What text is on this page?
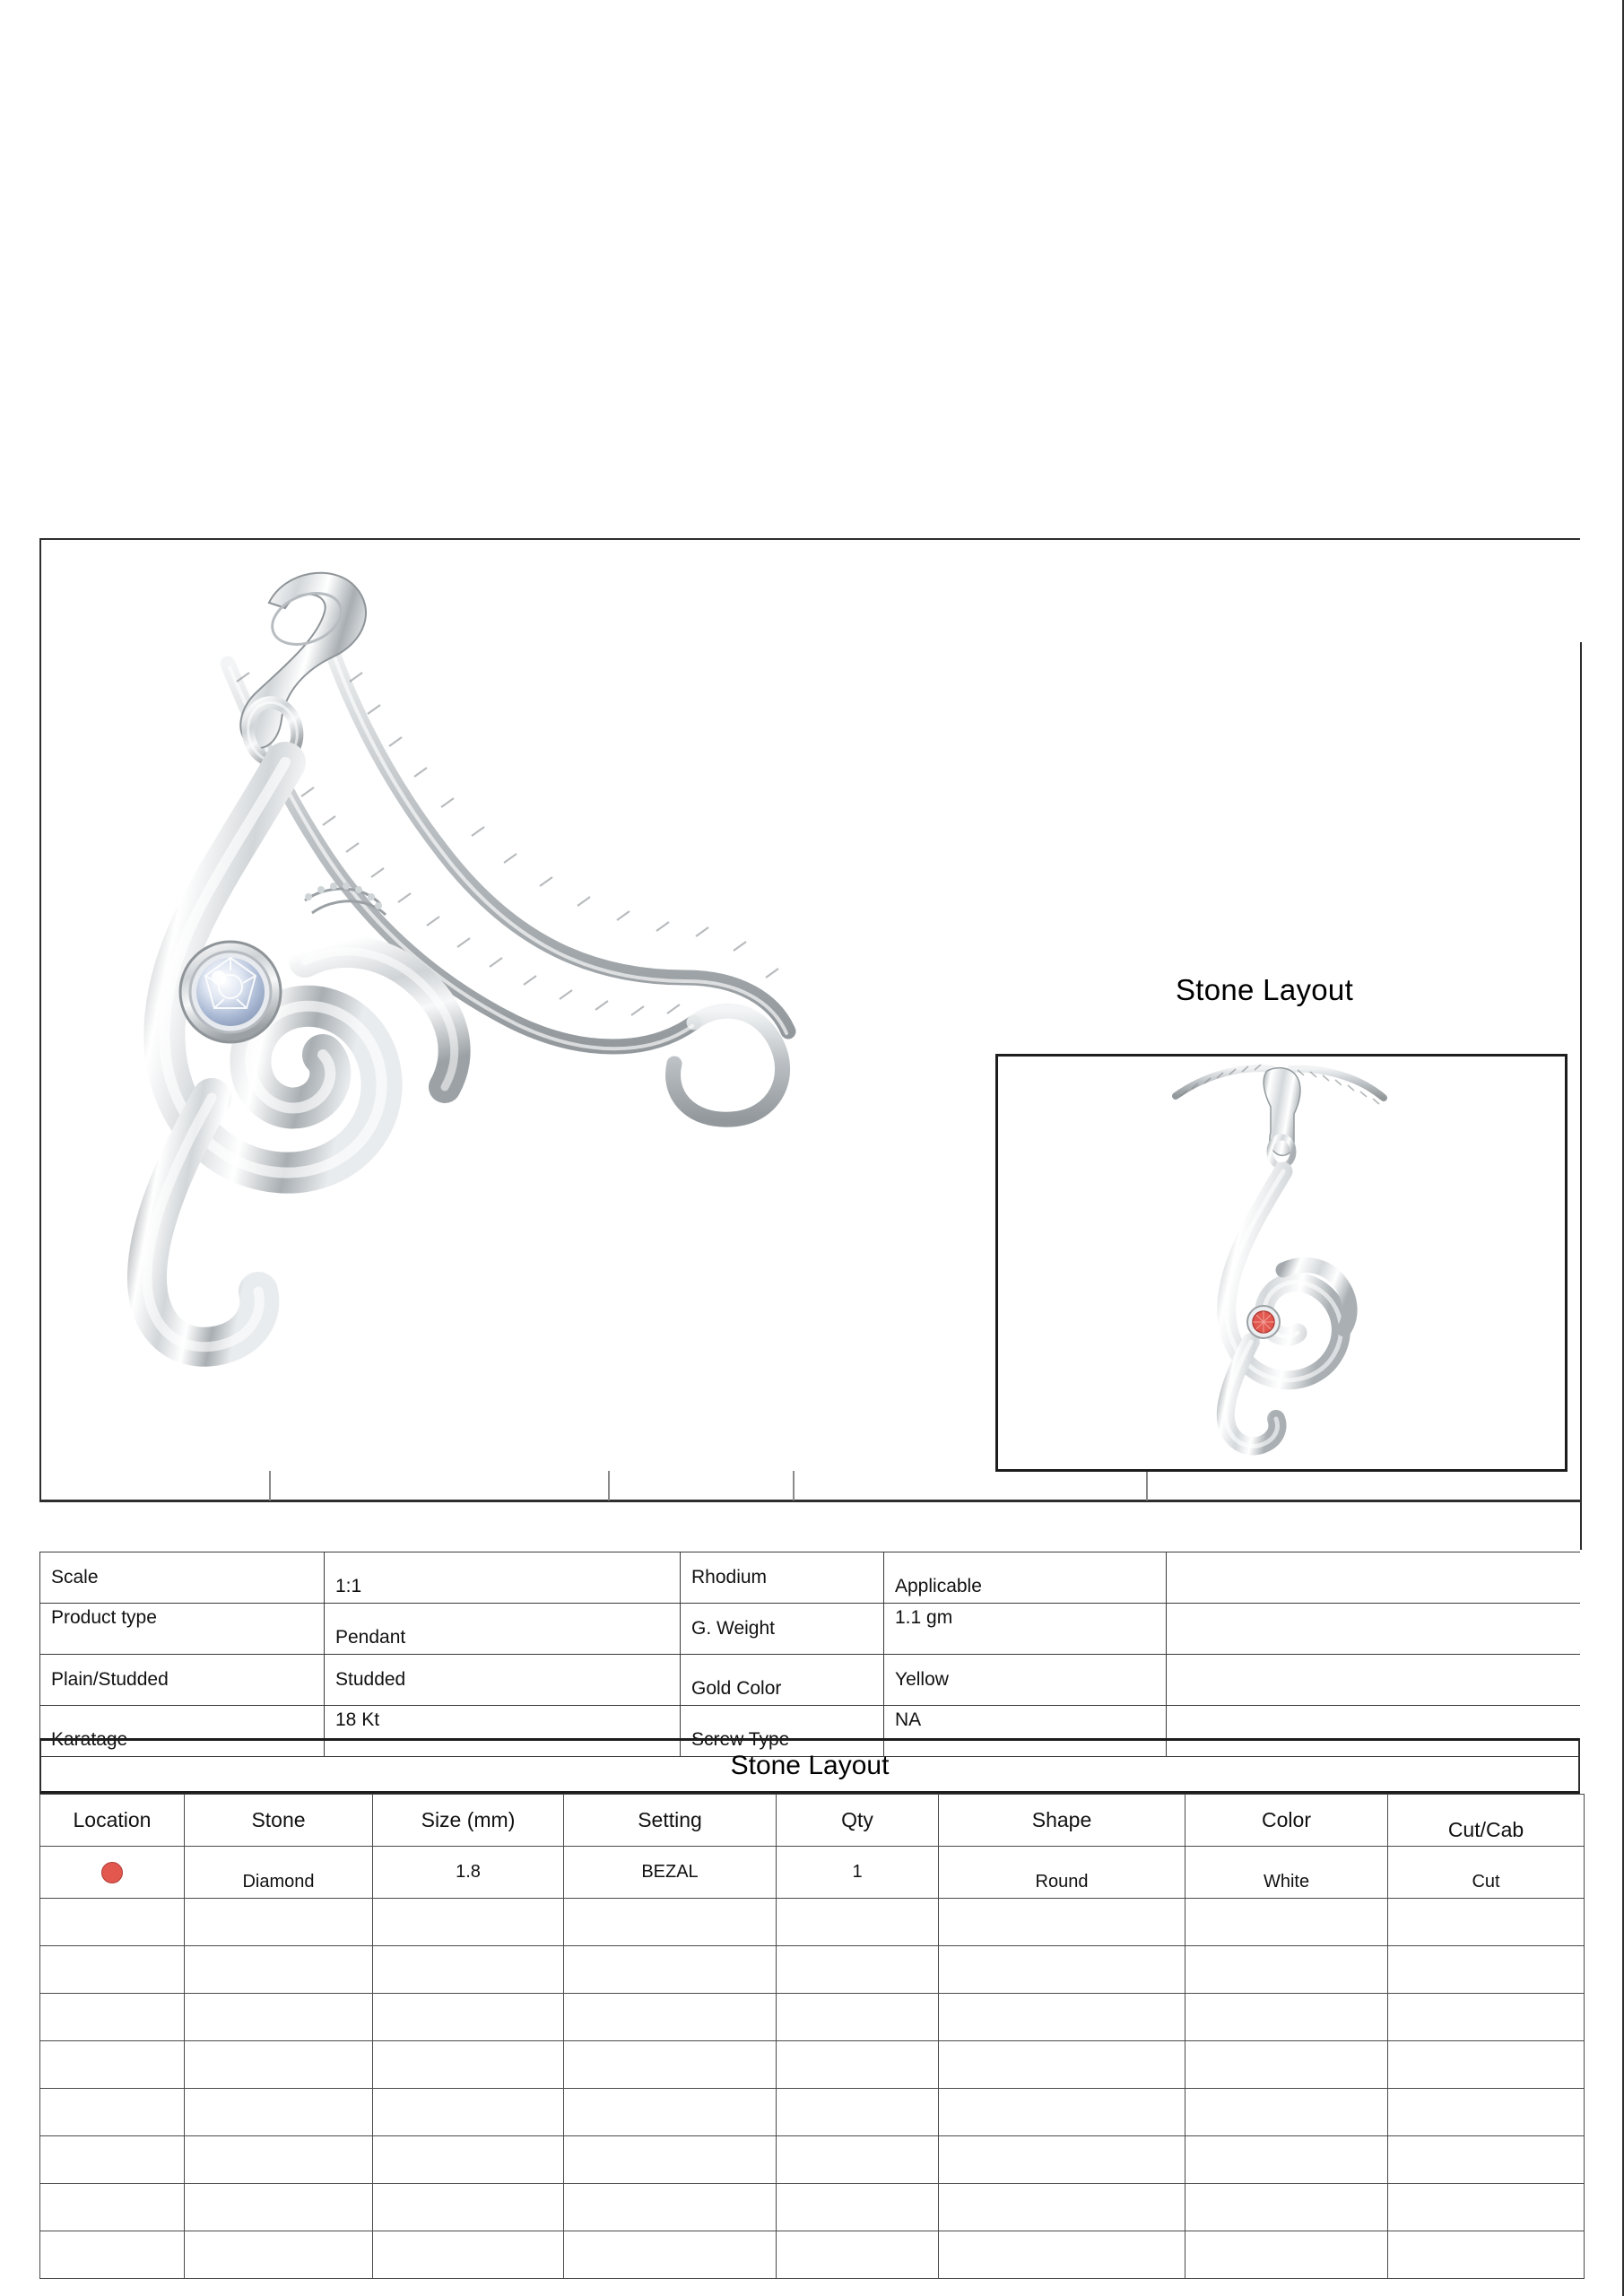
Stone Layout
Scale	1:1	Rhodium	Applicable	
Product type	Pendant	G. Weight	1.1 gm	
Plain/Studded	Studded	Gold Color	Yellow	
Karatage	18 Kt	Screw Type	NA	
Stone Layout
Location	Stone	Size (mm)	Setting	Qty	Shape	Color	Cut/Cab
	Diamond	1.8	BEZAL	1	Round	White	Cut
